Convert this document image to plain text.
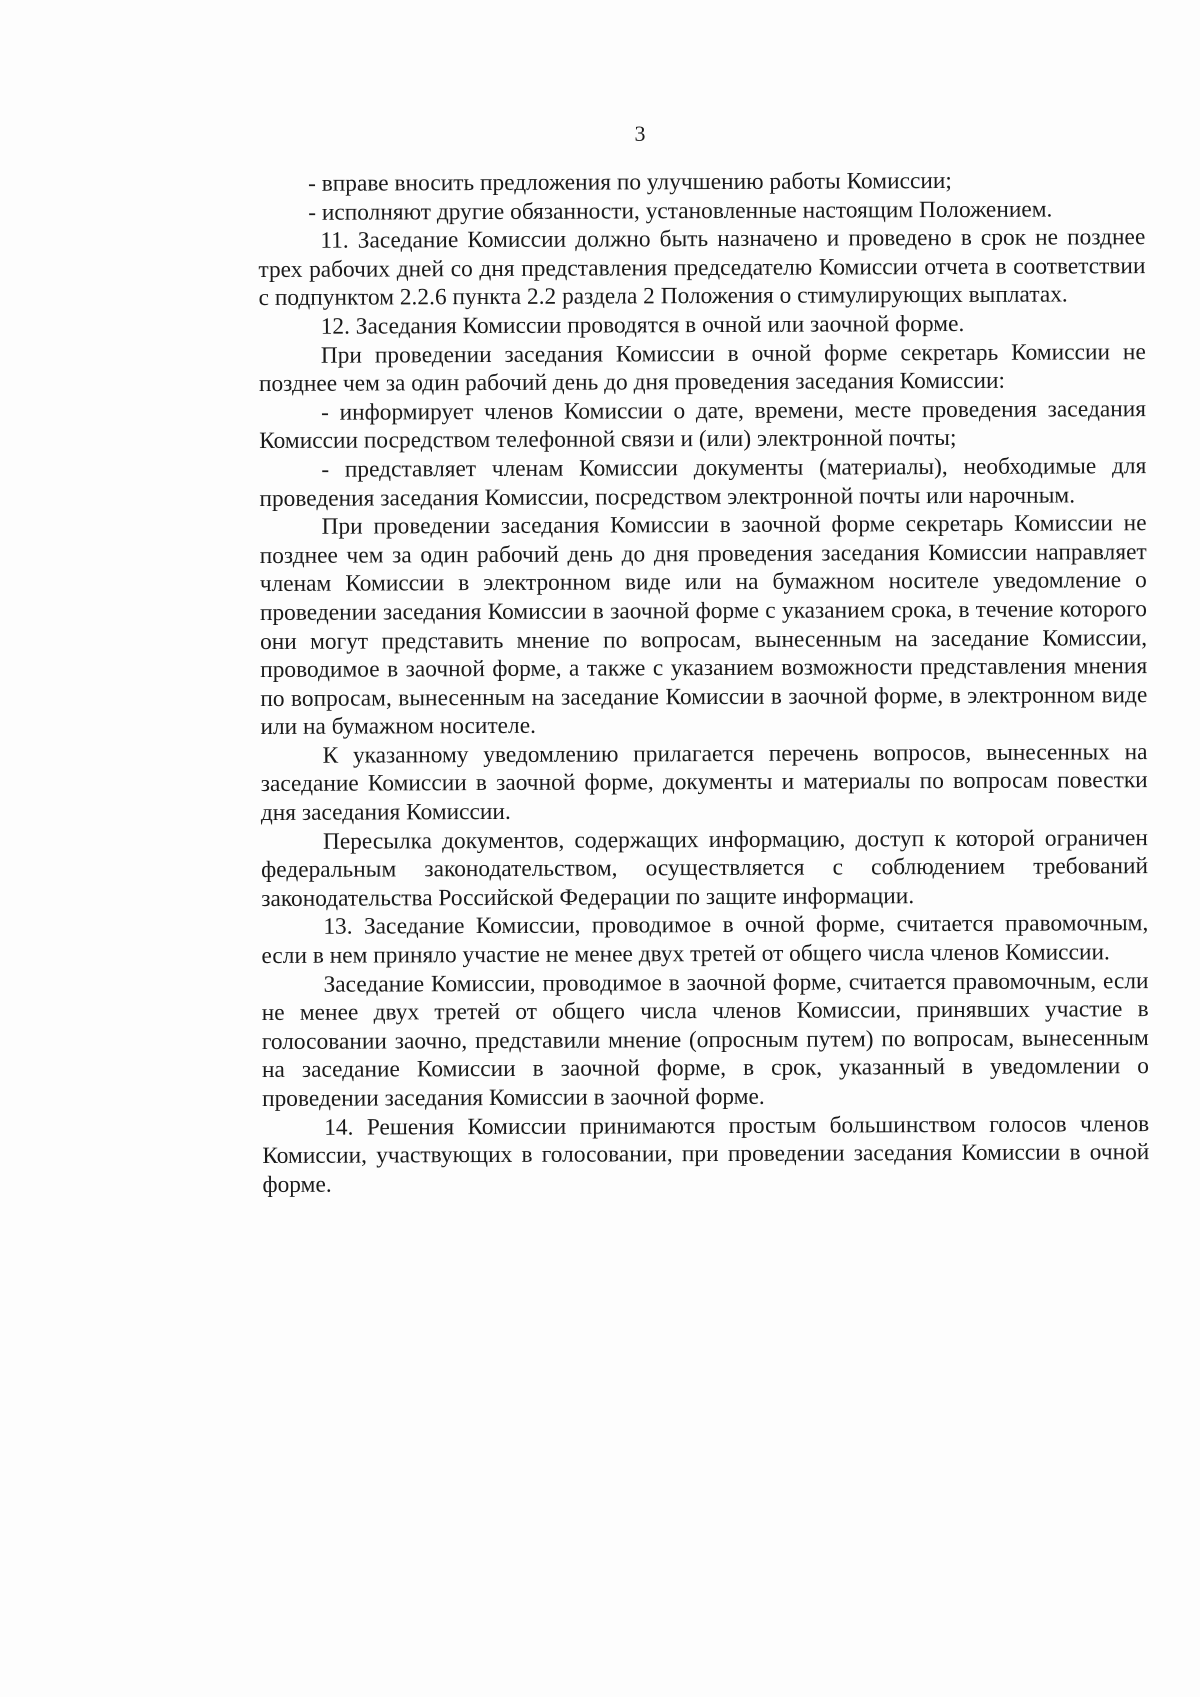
3

- вправе вносить предложения по улучшению работы Комиссии;

- исполняют другие обязанности, установленные настоящим Положением.

11. Заседание Комиссии должно быть назначено и проведено в срок не позднее трех рабочих дней со дня представления председателю Комиссии отчета в соответствии с подпунктом 2.2.6 пункта 2.2 раздела 2 Положения о стимулирующих выплатах.

12. Заседания Комиссии проводятся в очной или заочной форме.

При проведении заседания Комиссии в очной форме секретарь Комиссии не позднее чем за один рабочий день до дня проведения заседания Комиссии:

- информирует членов Комиссии о дате, времени, месте проведения заседания Комиссии посредством телефонной связи и (или) электронной почты;

- представляет членам Комиссии документы (материалы), необходимые для проведения заседания Комиссии, посредством электронной почты или нарочным.

При проведении заседания Комиссии в заочной форме секретарь Комиссии не позднее чем за один рабочий день до дня проведения заседания Комиссии направляет членам Комиссии в электронном виде или на бумажном носителе уведомление о проведении заседания Комиссии в заочной форме с указанием срока, в течение которого они могут представить мнение по вопросам, вынесенным на заседание Комиссии, проводимое в заочной форме, а также с указанием возможности представления мнения по вопросам, вынесенным на заседание Комиссии в заочной форме, в электронном виде или на бумажном носителе.

К указанному уведомлению прилагается перечень вопросов, вынесенных на заседание Комиссии в заочной форме, документы и материалы по вопросам повестки дня заседания Комиссии.

Пересылка документов, содержащих информацию, доступ к которой ограничен федеральным законодательством, осуществляется с соблюдением требований законодательства Российской Федерации по защите информации.

13. Заседание Комиссии, проводимое в очной форме, считается правомочным, если в нем приняло участие не менее двух третей от общего числа членов Комиссии.

Заседание Комиссии, проводимое в заочной форме, считается правомочным, если не менее двух третей от общего числа членов Комиссии, принявших участие в голосовании заочно, представили мнение (опросным путем) по вопросам, вынесенным на заседание Комиссии в заочной форме, в срок, указанный в уведомлении о проведении заседания Комиссии в заочной форме.

14. Решения Комиссии принимаются простым большинством голосов членов Комиссии, участвующих в голосовании, при проведении заседания Комиссии в очной форме.
